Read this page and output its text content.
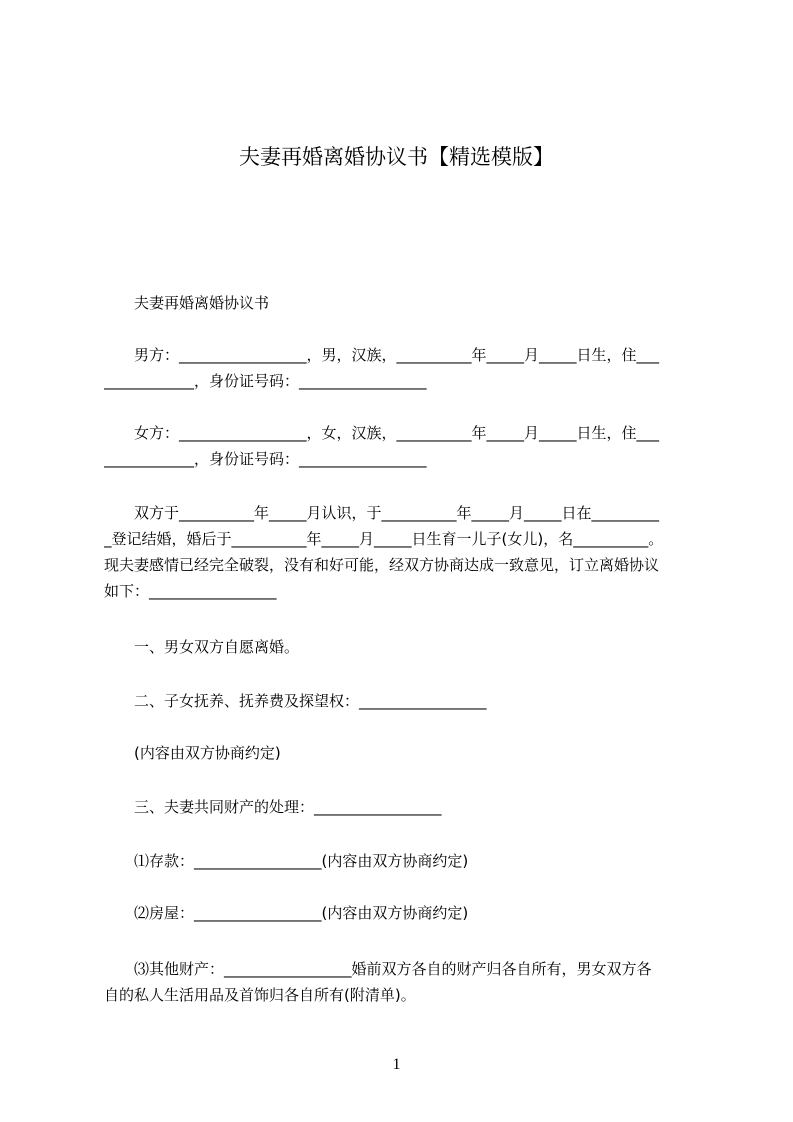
夫妻再婚离婚协议书【精选模版】

　　夫妻再婚离婚协议书

　　男方：_________________，男，汉族，__________年_____月_____日生，住___
____________，身份证号码：_________________

　　女方：_________________，女，汉族，__________年_____月_____日生，住___
____________，身份证号码：_________________

　　双方于__________年_____月认识，于__________年_____月_____日在_________
_登记结婚，婚后于__________年_____月_____日生育一儿子(女儿)，名__________。
现夫妻感情已经完全破裂，没有和好可能，经双方协商达成一致意见，订立离婚协议
如下：_________________

　　一、男女双方自愿离婚。

　　二、子女抚养、抚养费及探望权：_________________

　　(内容由双方协商约定)

　　三、夫妻共同财产的处理：_________________

　　⑴存款：_________________(内容由双方协商约定)

　　⑵房屋：_________________(内容由双方协商约定)

　　⑶其他财产：_________________婚前双方各自的财产归各自所有，男女双方各
自的私人生活用品及首饰归各自所有(附清单)。

1
